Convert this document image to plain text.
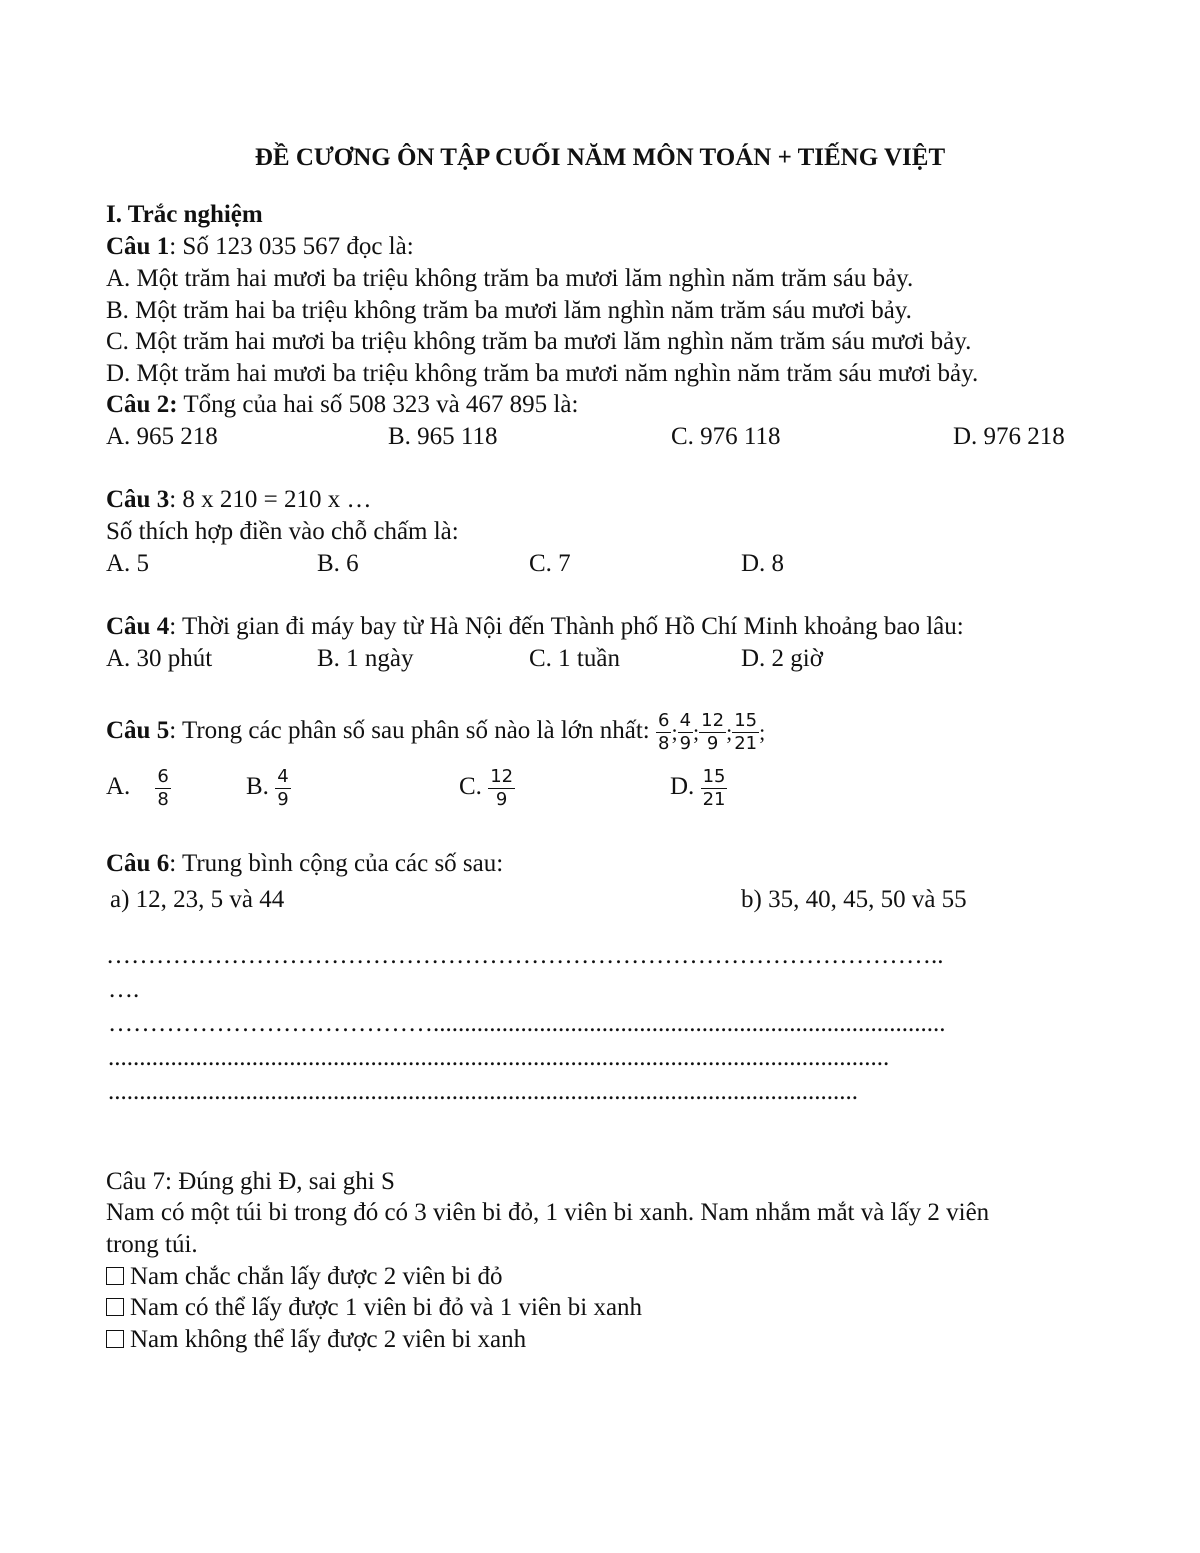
ĐỀ CƯƠNG ÔN TẬP CUỐI NĂM MÔN TOÁN + TIẾNG VIỆT
I. Trắc nghiệm
Câu 1: Số 123 035 567 đọc là:
A. Một trăm hai mươi ba triệu không trăm ba mươi lăm nghìn năm trăm sáu bảy.
B. Một trăm hai ba triệu không trăm ba mươi lăm nghìn năm trăm sáu mươi bảy.
C. Một trăm hai mươi ba triệu không trăm ba mươi lăm nghìn năm trăm sáu mươi bảy.
D. Một trăm hai mươi ba triệu không trăm ba mươi năm nghìn năm trăm sáu mươi bảy.
Câu 2: Tổng của hai số 508 323 và 467 895 là:
A. 965 218	B. 965 118	C. 976 118	D. 976 218
Câu 3: 8 x 210 = 210 x …
Số thích hợp điền vào chỗ chấm là:
A. 5	B. 6	C. 7	D. 8
Câu 4: Thời gian đi máy bay từ Hà Nội đến Thành phố Hồ Chí Minh khoảng bao lâu:
A. 30 phút	B. 1 ngày	C. 1 tuần	D. 2 giờ
Câu 5: Trong các phân số sau phân số nào là lớn nhất: $\frac{6}{8}$ ; $\frac{4}{9}$ ; $\frac{12}{9}$ ; $\frac{15}{21}$ ;
A. $\frac{6}{8}$	B. $\frac{4}{9}$	C. $\frac{12}{9}$	D. $\frac{15}{21}$
Câu 6: Trung bình cộng của các số sau:
a) 12, 23, 5 và 44	b) 35, 40, 45, 50 và 55
………………………………………………………………………………………..
….
…………………………………..................................................................................
.............................................................................................................................
........................................................................................................................
Câu 7: Đúng ghi Đ, sai ghi S
Nam có một túi bi trong đó có 3 viên bi đỏ, 1 viên bi xanh. Nam nhắm mắt và lấy 2 viên
trong túi.
Nam chắc chắn lấy được 2 viên bi đỏ
Nam có thể lấy được 1 viên bi đỏ và 1 viên bi xanh
Nam không thể lấy được 2 viên bi xanh
